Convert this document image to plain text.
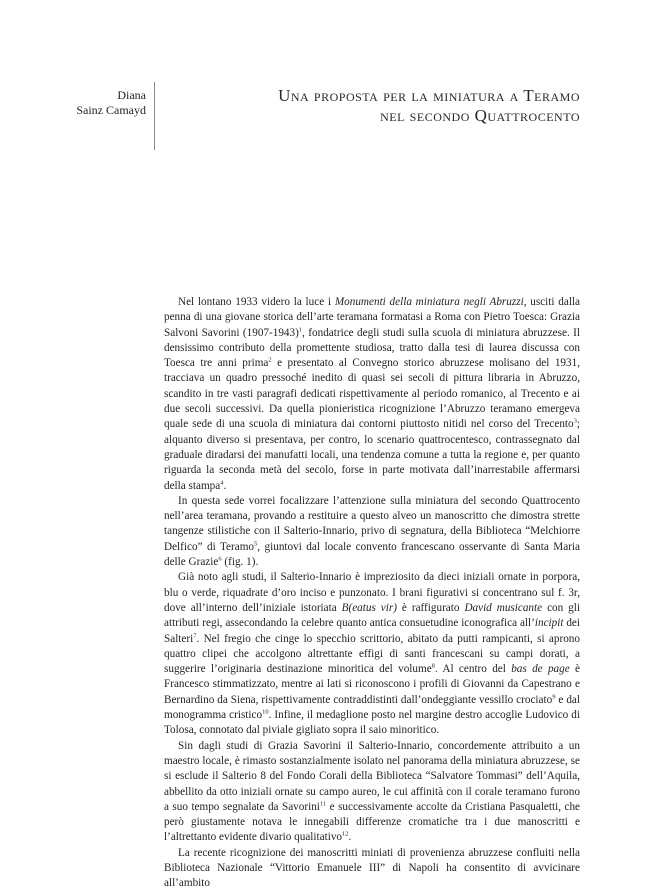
Diana
Sainz Camayd
Una proposta per la miniatura a Teramo
nel secondo Quattrocento

Nel lontano 1933 videro la luce i Monumenti della miniatura negli Abruzzi, usciti dalla penna di una giovane storica dell’arte teramana formatasi a Roma con Pietro Toesca: Grazia Salvoni Savorini (1907-1943)$^1$, fondatrice degli studi sulla scuola di miniatura abruzzese. Il densissimo contributo della promettente studiosa, tratto dalla tesi di laurea discussa con Toesca tre anni prima$^2$ e presentato al Convegno storico abruzzese molisano del 1931, tracciava un quadro pressoché inedito di quasi sei secoli di pittura libraria in Abruzzo, scandito in tre vasti paragrafi dedicati rispettivamente al periodo romanico, al Trecento e ai due secoli successivi. Da quella pionieristica ricognizione l’Abruzzo teramano emergeva quale sede di una scuola di miniatura dai contorni piuttosto nitidi nel corso del Trecento$^3$; alquanto diverso si presentava, per contro, lo scenario quattrocentesco, contrassegnato dal graduale diradarsi dei manufatti locali, una tendenza comune a tutta la regione e, per quanto riguarda la seconda metà del secolo, forse in parte motivata dall’inarrestabile affermarsi della stampa$^4$.

In questa sede vorrei focalizzare l’attenzione sulla miniatura del secondo Quattrocento nell’area teramana, provando a restituire a questo alveo un manoscritto che dimostra strette tangenze stilistiche con il Salterio-Innario, privo di segnatura, della Biblioteca “Melchiorre Delfico” di Teramo$^5$, giuntovi dal locale convento francescano osservante di Santa Maria delle Grazie$^6$ (fig. 1).

Già noto agli studi, il Salterio-Innario è impreziosito da dieci iniziali ornate in porpora, blu o verde, riquadrate d’oro inciso e punzonato. I brani figurativi si concentrano sul f. 3r, dove all’interno dell’iniziale istoriata B(eatus vir) è raffigurato David musicante con gli attributi regi, assecondando la celebre quanto antica consuetudine iconografica all’incipit dei Salteri$^7$. Nel fregio che cinge lo specchio scrittorio, abitato da putti rampicanti, si aprono quattro clipei che accolgono altrettante effigi di santi francescani su campi dorati, a suggerire l’originaria destinazione minoritica del volume$^8$. Al centro del bas de page è Francesco stimmatizzato, mentre ai lati si riconoscono i profili di Giovanni da Capestrano e Bernardino da Siena, rispettivamente contraddistinti dall’ondeggiante vessillo crociato$^9$ e dal monogramma cristico$^{10}$. Infine, il medaglione posto nel margine destro accoglie Ludovico di Tolosa, connotato dal piviale gigliato sopra il saio minoritico.

Sin dagli studi di Grazia Savorini il Salterio-Innario, concordemente attribuito a un maestro locale, è rimasto sostanzialmente isolato nel panorama della miniatura abruzzese, se si esclude il Salterio 8 del Fondo Corali della Biblioteca “Salvatore Tommasi” dell’Aquila, abbellito da otto iniziali ornate su campo aureo, le cui affinità con il corale teramano furono a suo tempo segnalate da Savorini$^{11}$ e successivamente accolte da Cristiana Pasqualetti, che però giustamente notava le innegabili differenze cromatiche tra i due manoscritti e l’altrettanto evidente divario qualitativo$^{12}$.

La recente ricognizione dei manoscritti miniati di provenienza abruzzese confluiti nella Biblioteca Nazionale “Vittorio Emanuele III” di Napoli ha consentito di avvicinare all’ambito
